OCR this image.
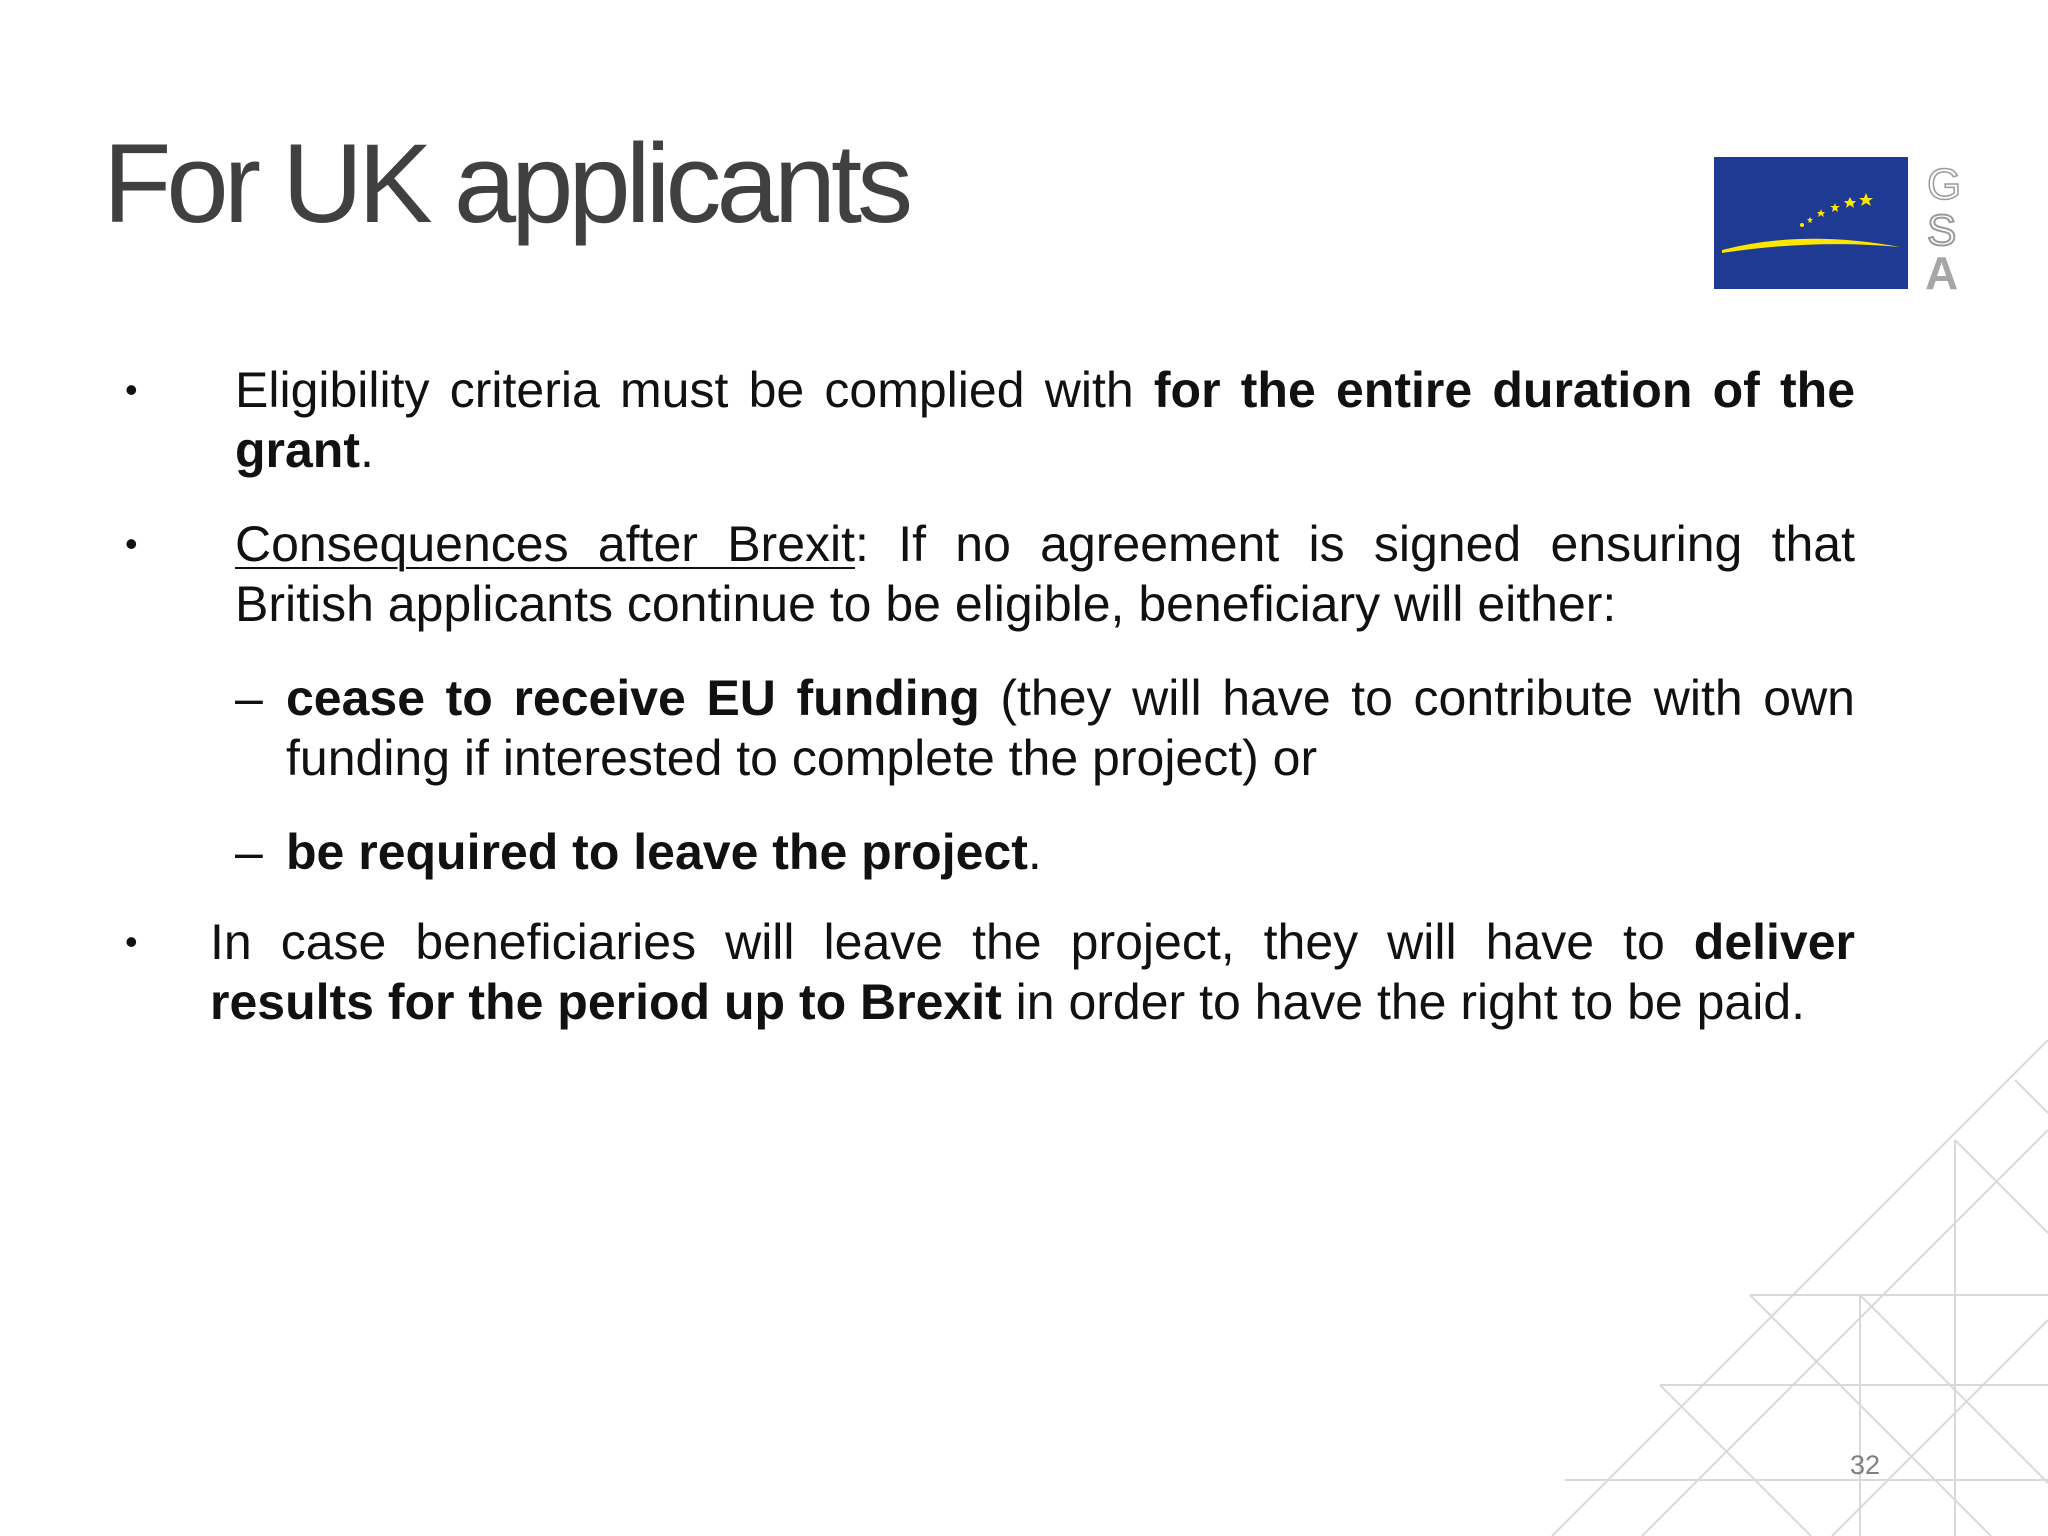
For UK applicants	G
S
A

•	Eligibility criteria must be complied with for the entire duration of the grant.

•	Consequences after Brexit: If no agreement is signed ensuring that British applicants continue to be eligible, beneficiary will either:

– cease to receive EU funding (they will have to contribute with own funding if interested to complete the project) or

– be required to leave the project.

•	In case beneficiaries will leave the project, they will have to deliver results for the period up to Brexit in order to have the right to be paid.

32
